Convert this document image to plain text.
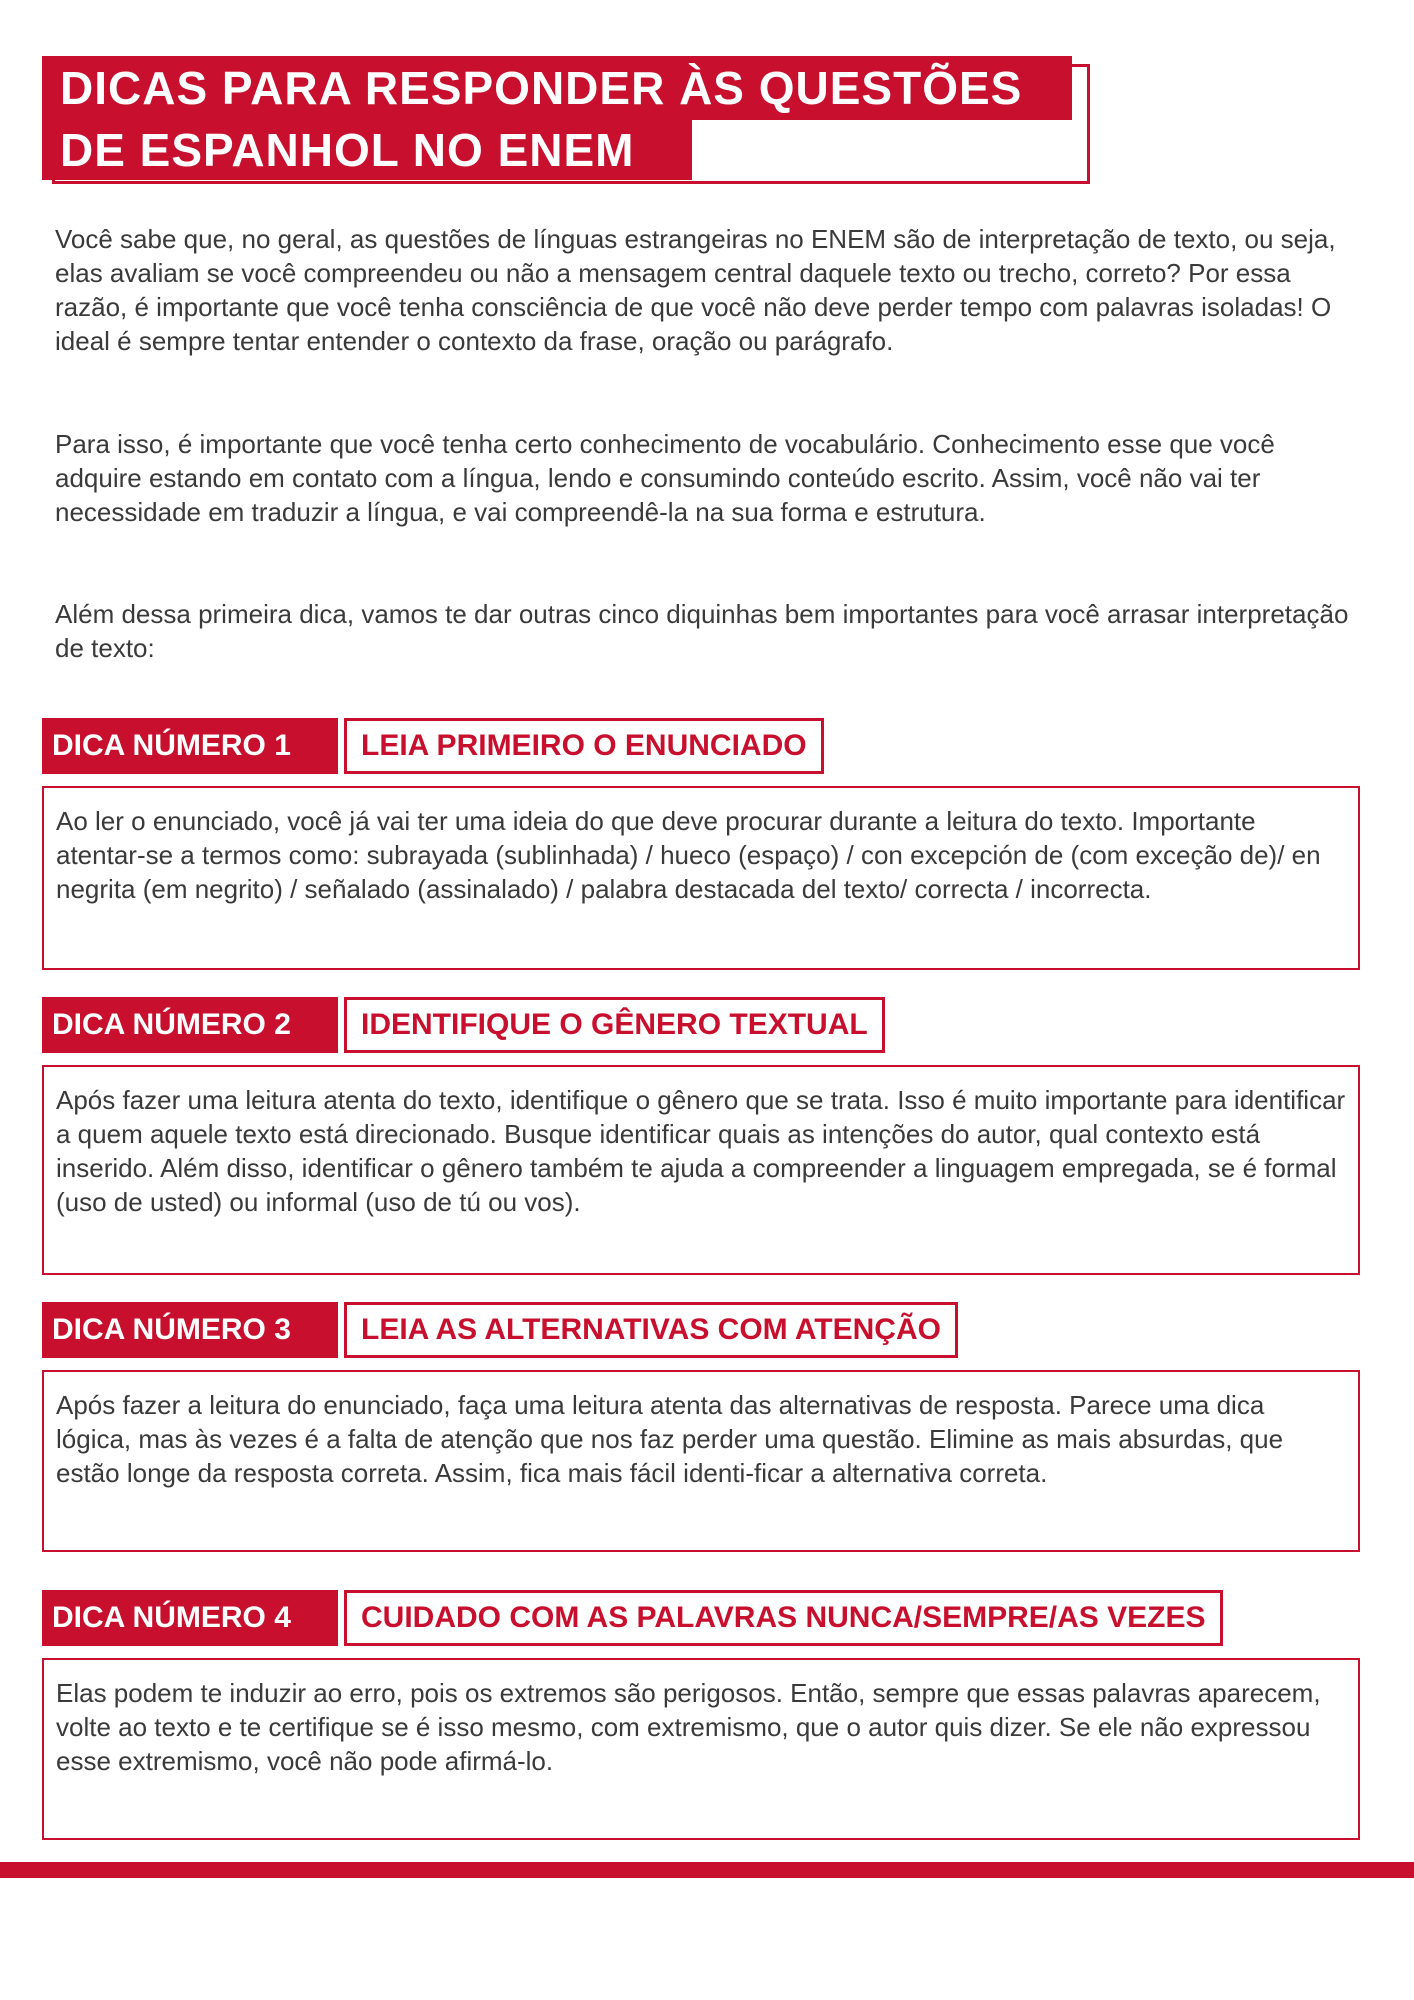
DICAS PARA RESPONDER ÀS QUESTÕES
DE ESPANHOL NO ENEM

Você sabe que, no geral, as questões de línguas estrangeiras no ENEM são de interpretação de texto, ou seja, elas avaliam se você compreendeu ou não a mensagem central daquele texto ou trecho, correto? Por essa razão, é importante que você tenha consciência de que você não deve perder tempo com palavras isoladas! O ideal é sempre tentar entender o contexto da frase, oração ou parágrafo.

Para isso, é importante que você tenha certo conhecimento de vocabulário. Conhecimento esse que você adquire estando em contato com a língua, lendo e consumindo conteúdo escrito. Assim, você não vai ter necessidade em traduzir a língua, e vai compreendê-la na sua forma e estrutura.

Além dessa primeira dica, vamos te dar outras cinco diquinhas bem importantes para você arrasar interpretação de texto:

DICA NÚMERO 1	LEIA PRIMEIRO O ENUNCIADO
Ao ler o enunciado, você já vai ter uma ideia do que deve procurar durante a leitura do texto. Importante atentar-se a termos como: subrayada (sublinhada) / hueco (espaço) / con excepción de (com exceção de)/ en negrita (em negrito) / señalado (assinalado) / palabra destacada del texto/ correcta / incorrecta.
DICA NÚMERO 2	IDENTIFIQUE O GÊNERO TEXTUAL
Após fazer uma leitura atenta do texto, identifique o gênero que se trata. Isso é muito importante para identificar a quem aquele texto está direcionado. Busque identificar quais as intenções do autor, qual contexto está inserido. Além disso, identificar o gênero também te ajuda a compreender a linguagem empregada, se é formal (uso de usted) ou informal (uso de tú ou vos).
DICA NÚMERO 3	LEIA AS ALTERNATIVAS COM ATENÇÃO
Após fazer a leitura do enunciado, faça uma leitura atenta das alternativas de resposta. Parece uma dica lógica, mas às vezes é a falta de atenção que nos faz perder uma questão. Elimine as mais absurdas, que estão longe da resposta correta. Assim, fica mais fácil identi-ficar a alternativa correta.
DICA NÚMERO 4	CUIDADO COM AS PALAVRAS NUNCA/SEMPRE/AS VEZES
Elas podem te induzir ao erro, pois os extremos são perigosos. Então, sempre que essas palavras aparecem, volte ao texto e te certifique se é isso mesmo, com extremismo, que o autor quis dizer. Se ele não expressou esse extremismo, você não pode afirmá-lo.
